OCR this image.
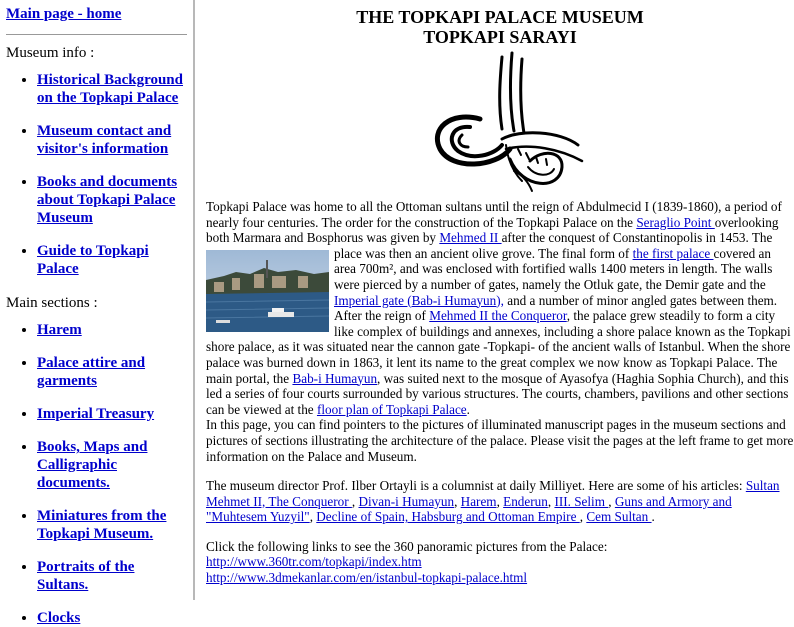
Main page - home

Museum info :

• Historical Background on the Topkapi Palace
• Museum contact and visitor's information
• Books and documents about Topkapi Palace Museum
• Guide to Topkapi Palace

Main sections :

• Harem
• Palace attire and garments
• Imperial Treasury
• Books, Maps and Calligraphic documents.
• Miniatures from the Topkapi Museum.
• Portraits of the Sultans.
• Clocks
THE TOPKAPI PALACE MUSEUM
TOPKAPI SARAYI

Topkapi Palace was home to all the Ottoman sultans until the reign of Abdulmecid I (1839-1860), a period of nearly four centuries. The order for the construction of the Topkapi Palace on the Seraglio Point overlooking both Marmara and Bosphorus was given by Mehmed II after the conquest of Constantinopolis in 1453. The place was then an ancient olive grove. The final form of the first palace
covered an area 700m², and was enclosed with fortified walls 1400 meters in length. The walls were pierced by a number of gates, namely the Otluk gate, the Demir gate and the Imperial gate (Bab-i Humayun), and a number of minor angled gates between them. After the reign of Mehmed II the Conqueror, the palace grew steadily to form a city like complex of buildings and annexes, including a shore palace known as the Topkapi shore palace, as it was situated near the cannon gate -Topkapi- of the ancient walls of Istanbul. When the shore palace was burned down in 1863, it lent its name to the great complex we now know as Topkapi Palace. The main portal, the Bab-i Humayun, was suited next to the mosque of Ayasofya (Haghia Sophia Church), and this led a series of four courts surrounded by various structures. The courts, chambers, pavilions and other sections can be viewed at the floor plan of Topkapi Palace.
In this page, you can find pointers to the pictures of illuminated manuscript pages in the museum sections and pictures of sections illustrating the architecture of the palace. Please visit the pages at the left frame to get more information on the Palace and Museum.

The museum director Prof. Ilber Ortayli is a columnist at daily Milliyet. Here are some of his articles: Sultan Mehmet II, The Conqueror , Divan-i Humayun, Harem, Enderun, III. Selim , Guns and Armory and "Muhtesem Yuzyil", Decline of Spain, Habsburg and Ottoman Empire , Cem Sultan .

Click the following links to see the 360 panoramic pictures from the Palace:
http://www.360tr.com/topkapi/index.htm
http://www.3dmekanlar.com/en/istanbul-topkapi-palace.html
